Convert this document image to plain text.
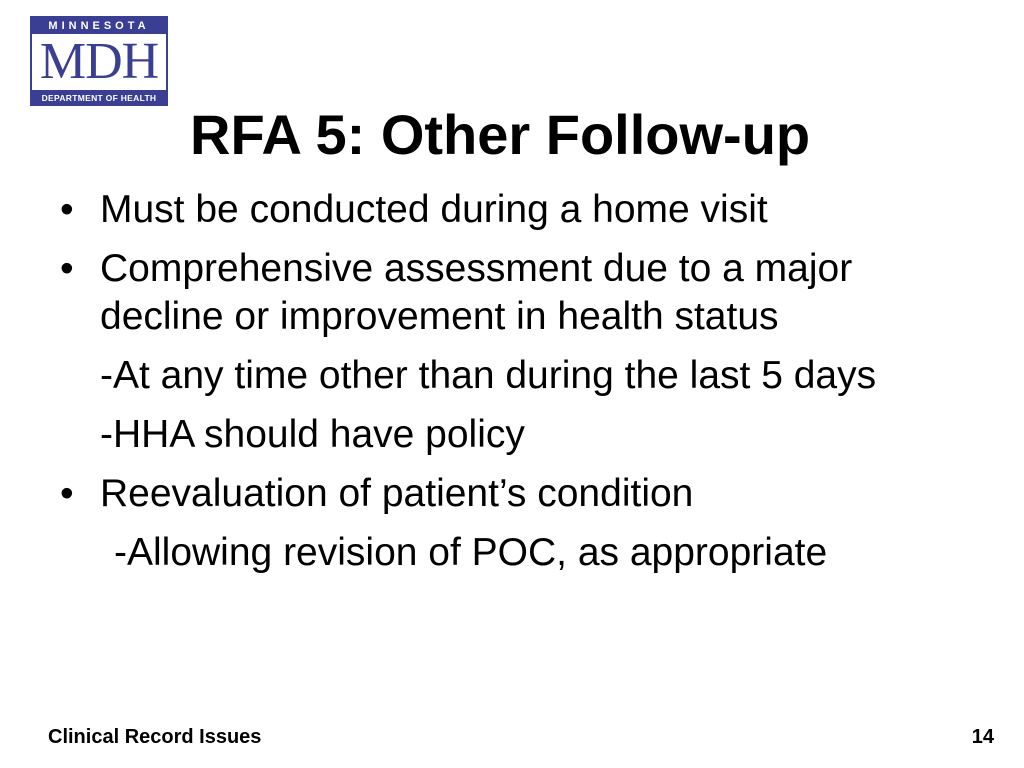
MINNESOTA
MDH
DEPARTMENT OF HEALTH
RFA 5: Other Follow-up
• Must be conducted during a home visit
• Comprehensive assessment due to a major decline or improvement in health status
-At any time other than during the last 5 days
-HHA should have policy
• Reevaluation of patient’s condition
-Allowing revision of POC, as appropriate
Clinical Record Issues	14
